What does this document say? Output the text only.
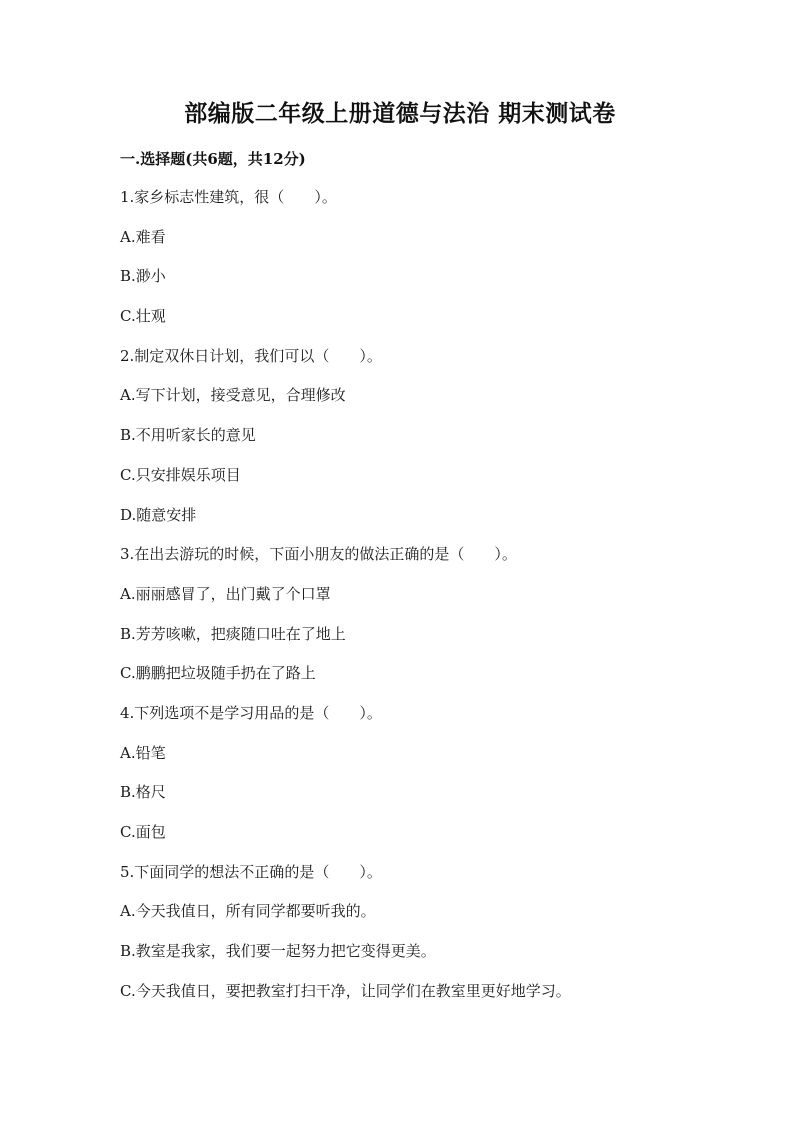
部编版二年级上册道德与法治 期末测试卷
一.选择题(共6题，共12分)
1.家乡标志性建筑，很（　　）。
A.难看
B.渺小
C.壮观
2.制定双休日计划，我们可以（　　）。
A.写下计划，接受意见，合理修改
B.不用听家长的意见
C.只安排娱乐项目
D.随意安排
3.在出去游玩的时候，下面小朋友的做法正确的是（　　）。
A.丽丽感冒了，出门戴了个口罩
B.芳芳咳嗽，把痰随口吐在了地上
C.鹏鹏把垃圾随手扔在了路上
4.下列选项不是学习用品的是（　　）。
A.铅笔
B.格尺
C.面包
5.下面同学的想法不正确的是（　　）。
A.今天我值日，所有同学都要听我的。
B.教室是我家，我们要一起努力把它变得更美。
C.今天我值日，要把教室打扫干净，让同学们在教室里更好地学习。
